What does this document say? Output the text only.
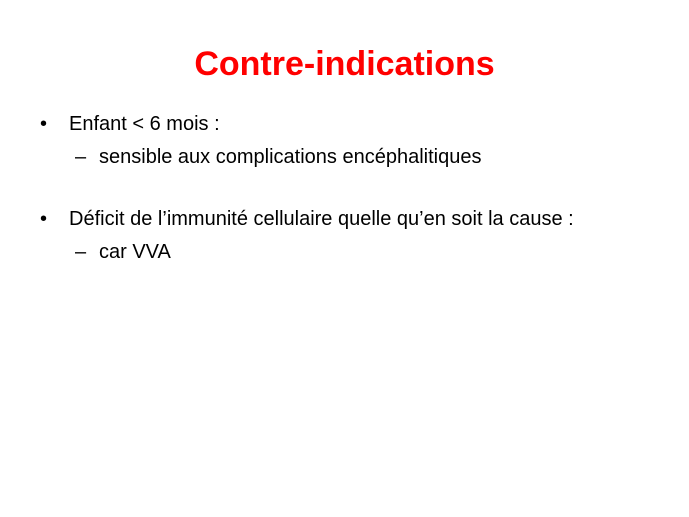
Contre-indications
• Enfant < 6 mois :
– sensible aux complications encéphalitiques
• Déficit de l’immunité cellulaire quelle qu’en soit la cause :
– car VVA
